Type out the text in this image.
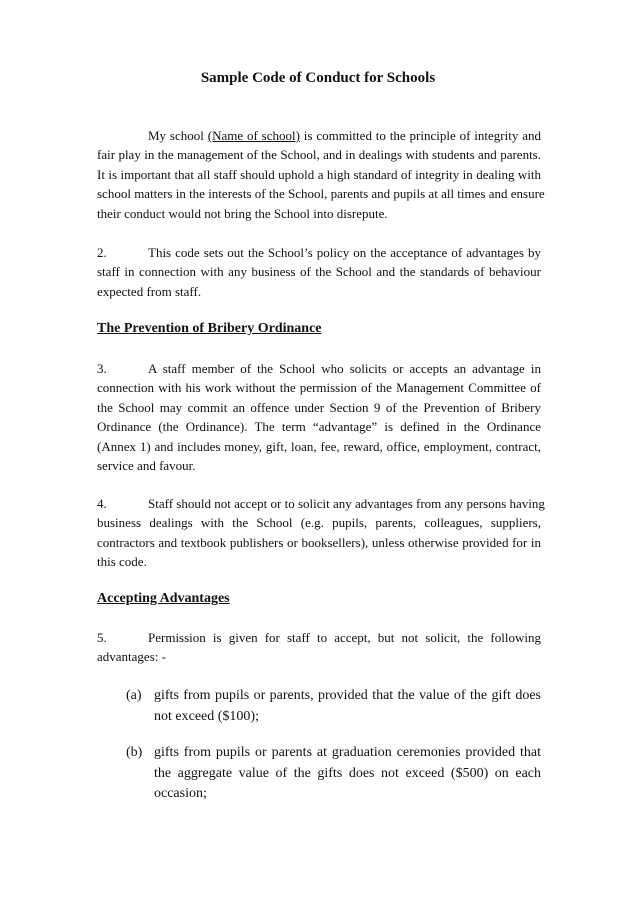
Sample Code of Conduct for Schools
My school (Name of school) is committed to the principle of integrity and
fair play in the management of the School, and in dealings with students and parents.
It is important that all staff should uphold a high standard of integrity in dealing with
school matters in the interests of the School, parents and pupils at all times and ensure
their conduct would not bring the School into disrepute.
2.	This code sets out the School’s policy on the acceptance of advantages by
staff in connection with any business of the School and the standards of behaviour
expected from staff.
The Prevention of Bribery Ordinance
3.	A staff member of the School who solicits or accepts an advantage in
connection with his work without the permission of the Management Committee of
the School may commit an offence under Section 9 of the Prevention of Bribery
Ordinance (the Ordinance). The term “advantage” is defined in the Ordinance
(Annex 1) and includes money, gift, loan, fee, reward, office, employment, contract,
service and favour.
4.	Staff should not accept or to solicit any advantages from any persons having
business dealings with the School (e.g. pupils, parents, colleagues, suppliers,
contractors and textbook publishers or booksellers), unless otherwise provided for in
this code.
Accepting Advantages
5.	Permission is given for staff to accept, but not solicit, the following
advantages: -
(a) gifts from pupils or parents, provided that the value of the gift does
not exceed ($100);
(b) gifts from pupils or parents at graduation ceremonies provided that
the aggregate value of the gifts does not exceed ($500) on each
occasion;
